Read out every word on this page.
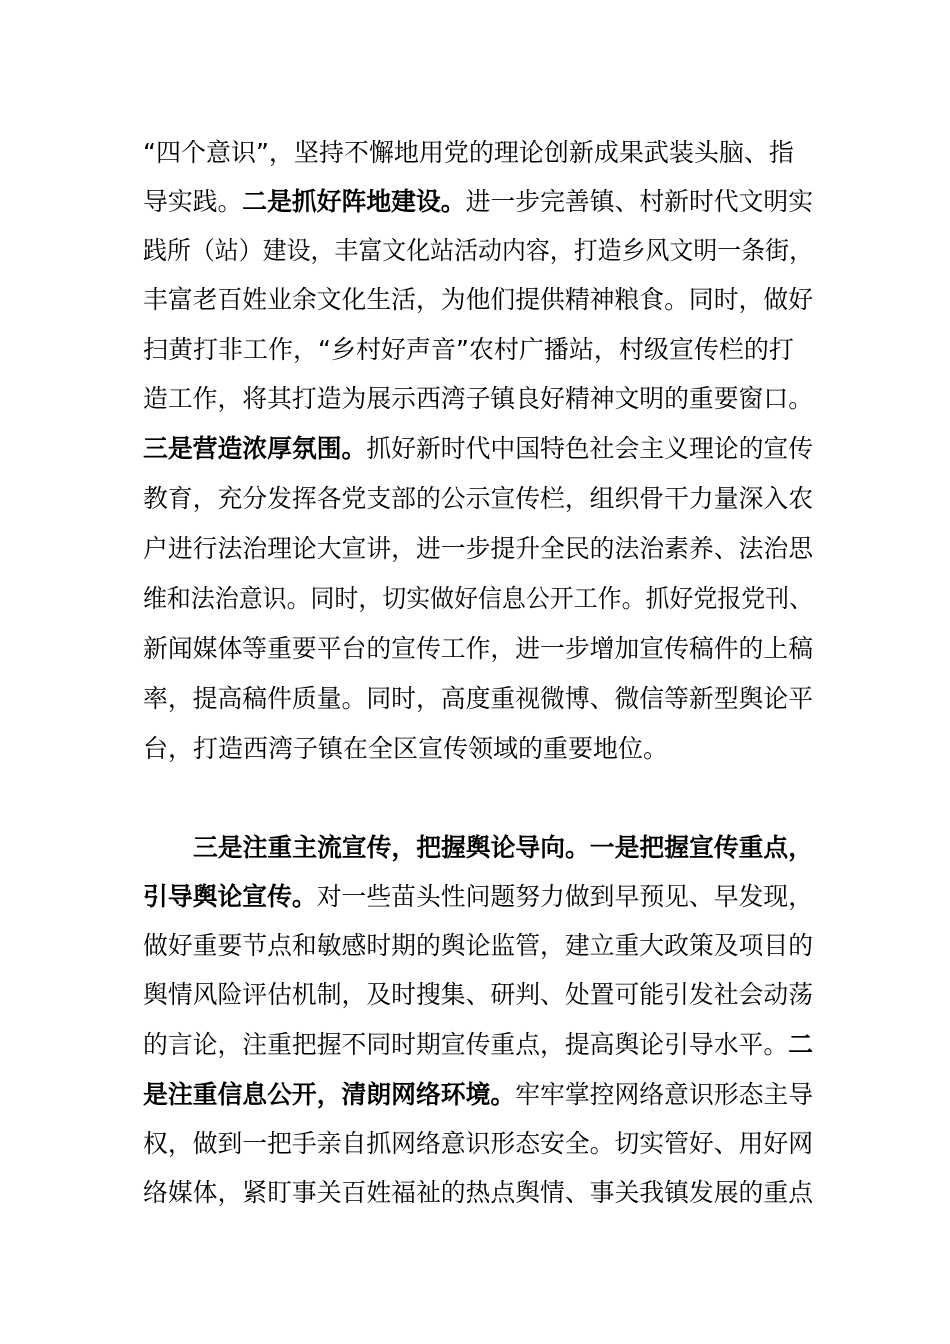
“四个意识”，坚持不懈地用党的理论创新成果武装头脑、指
导实践。二是抓好阵地建设。进一步完善镇、村新时代文明实
践所（站）建设，丰富文化站活动内容，打造乡风文明一条街，
丰富老百姓业余文化生活，为他们提供精神粮食。同时，做好
扫黄打非工作，“乡村好声音”农村广播站，村级宣传栏的打
造工作，将其打造为展示西湾子镇良好精神文明的重要窗口。
三是营造浓厚氛围。抓好新时代中国特色社会主义理论的宣传
教育，充分发挥各党支部的公示宣传栏，组织骨干力量深入农
户进行法治理论大宣讲，进一步提升全民的法治素养、法治思
维和法治意识。同时，切实做好信息公开工作。抓好党报党刊、
新闻媒体等重要平台的宣传工作，进一步增加宣传稿件的上稿
率，提高稿件质量。同时，高度重视微博、微信等新型舆论平
台，打造西湾子镇在全区宣传领域的重要地位。
三是注重主流宣传，把握舆论导向。一是把握宣传重点，
引导舆论宣传。对一些苗头性问题努力做到早预见、早发现，
做好重要节点和敏感时期的舆论监管，建立重大政策及项目的
舆情风险评估机制，及时搜集、研判、处置可能引发社会动荡
的言论，注重把握不同时期宣传重点，提高舆论引导水平。二
是注重信息公开，清朗网络环境。牢牢掌控网络意识形态主导
权，做到一把手亲自抓网络意识形态安全。切实管好、用好网
络媒体，紧盯事关百姓福祉的热点舆情、事关我镇发展的重点
